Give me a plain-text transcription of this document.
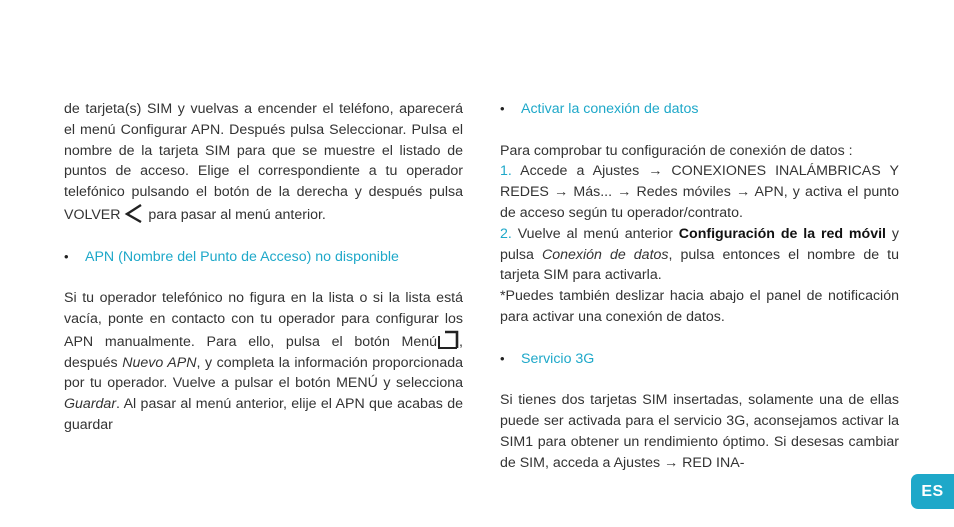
de tarjeta(s) SIM y vuelvas a encender el teléfono, aparecerá el menú Configurar APN. Después pulsa Seleccionar. Pulsa el nombre de la tarjeta SIM para que se muestre el listado de puntos de acceso. Elige el correspondiente a tu operador telefónico pulsando el botón de la derecha y después pulsa VOLVER para pasar al menú anterior.

•	APN (Nombre del Punto de Acceso) no disponible

Si tu operador telefónico no figura en la lista o si la lista está vacía, ponte en contacto con tu operador para configurar los APN manualmente. Para ello, pulsa el botón Menú , después Nuevo APN, y completa la información proporcionada por tu operador. Vuelve a pulsar el botón MENÚ y selecciona Guardar. Al pasar al menú anterior, elije el APN que acabas de guardar

•	Activar la conexión de datos

Para comprobar tu configuración de conexión de datos :
1. Accede a Ajustes → CONEXIONES INALÁMBRICAS Y REDES → Más... → Redes móviles → APN, y activa el punto de acceso según tu operador/contrato.
2. Vuelve al menú anterior Configuración de la red móvil y pulsa Conexión de datos, pulsa entonces el nombre de tu tarjeta SIM para activarla.
*Puedes también deslizar hacia abajo el panel de notificación para activar una conexión de datos.

•	Servicio 3G

Si tienes dos tarjetas SIM insertadas, solamente una de ellas puede ser activada para el servicio 3G, aconsejamos activar la SIM1 para obtener un rendimiento óptimo. Si desesas cambiar de SIM, acceda a Ajustes → RED INA-

ES
